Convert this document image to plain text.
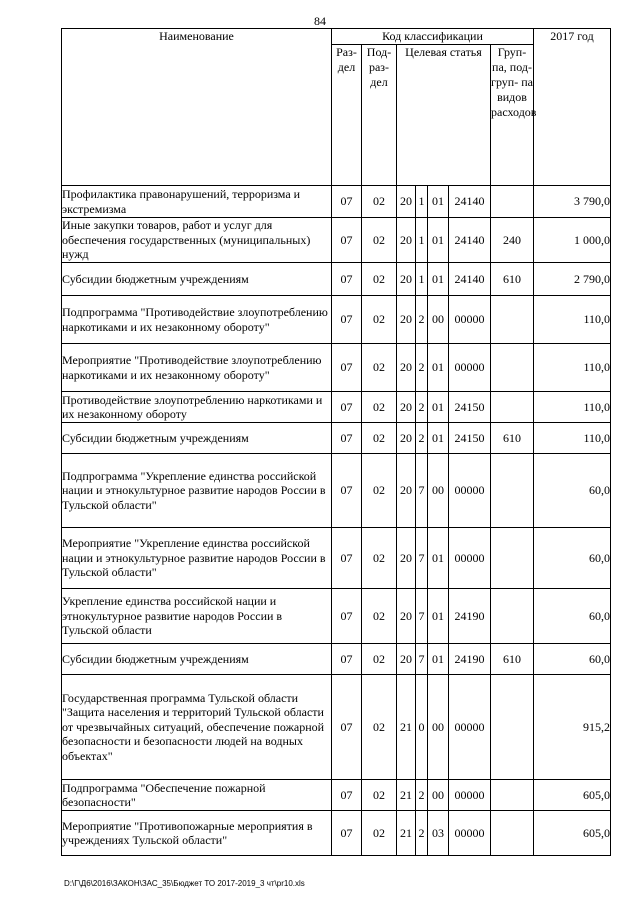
84
Наименование	Код классификации							2017 год
	Раз- дел	Под- раз- дел	Целевая статья				Груп- па, под- груп- па видов расходов	
Профилактика правонарушений, терроризма и экстремизма	07	02	20	1	01	24140		3 790,0
Иные закупки товаров, работ и услуг для обеспечения государственных (муниципальных) нужд	07	02	20	1	01	24140	240	1 000,0
Субсидии бюджетным учреждениям	07	02	20	1	01	24140	610	2 790,0
Подпрограмма "Противодействие злоупотреблению наркотиками и их незаконному обороту"	07	02	20	2	00	00000		110,0
Мероприятие "Противодействие злоупотреблению наркотиками и их незаконному обороту"	07	02	20	2	01	00000		110,0
Противодействие злоупотреблению наркотиками и их незаконному обороту	07	02	20	2	01	24150		110,0
Субсидии бюджетным учреждениям	07	02	20	2	01	24150	610	110,0
Подпрограмма "Укрепление единства российской нации и этнокультурное развитие народов России в Тульской области"	07	02	20	7	00	00000		60,0
Мероприятие "Укрепление единства российской нации и этнокультурное развитие народов России в Тульской области"	07	02	20	7	01	00000		60,0
Укрепление единства российской нации и этнокультурное развитие народов России в Тульской области	07	02	20	7	01	24190		60,0
Субсидии бюджетным учреждениям	07	02	20	7	01	24190	610	60,0
Государственная программа Тульской области "Защита населения и территорий Тульской области от чрезвычайных ситуаций, обеспечение пожарной безопасности и безопасности людей на водных объектах"	07	02	21	0	00	00000		915,2
Подпрограмма "Обеспечение пожарной безопасности"	07	02	21	2	00	00000		605,0
Мероприятие "Противопожарные мероприятия в учреждениях Тульской области"	07	02	21	2	03	00000		605,0
D:\Г\Д6\2016\ЗАКОН\ЗАС_35\Бюджет ТО 2017-2019_3 чт\pr10.xls
